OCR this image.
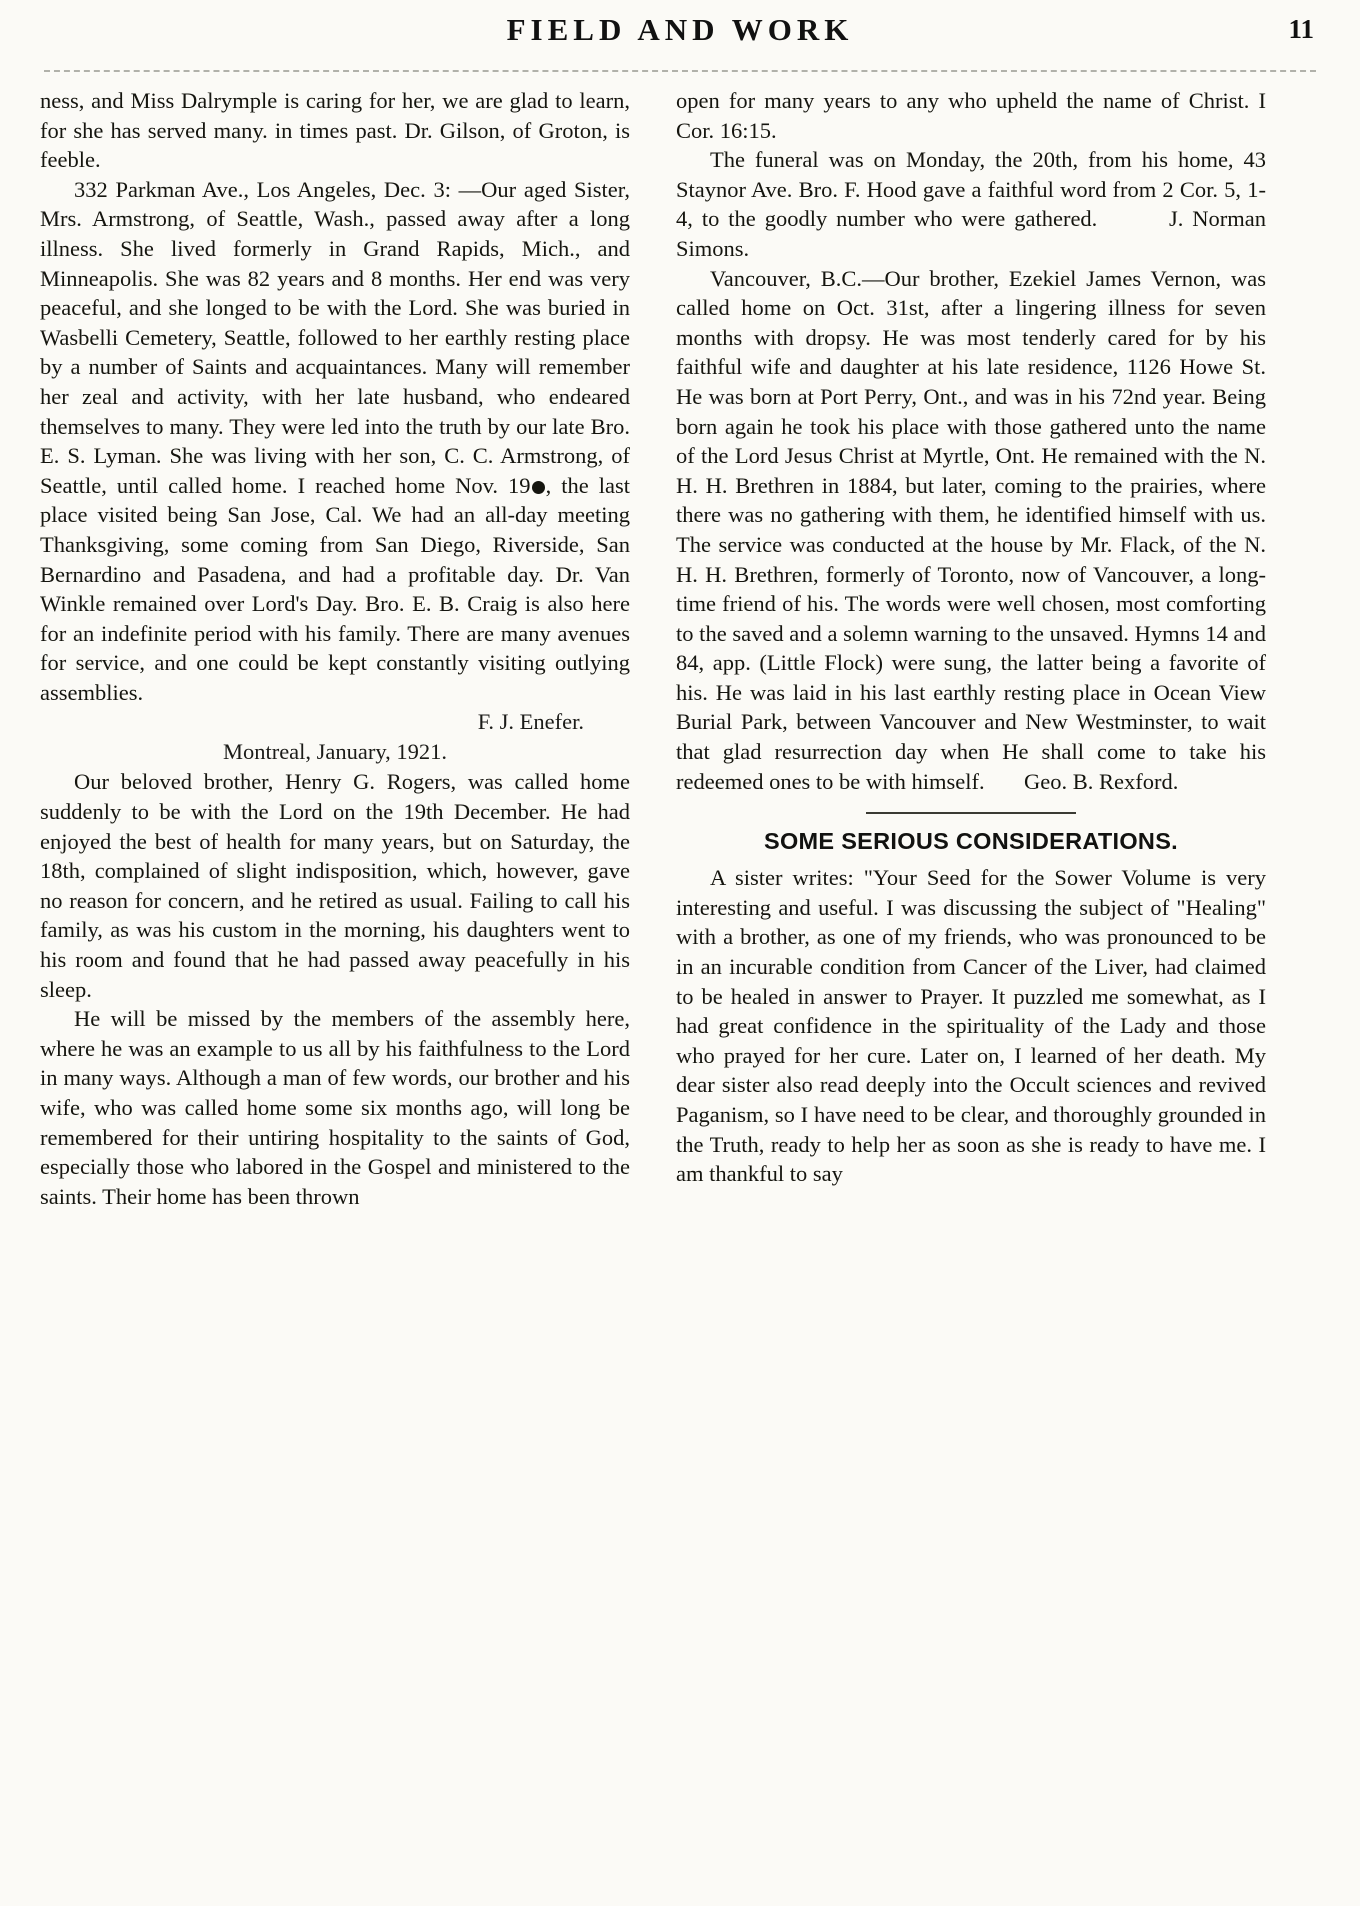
FIELD AND WORK	11

ness, and Miss Dalrymple is caring for her, we are glad to learn, for she has served many. in times past. Dr. Gilson, of Groton, is feeble.

332 Parkman Ave., Los Angeles, Dec. 3: —Our aged Sister, Mrs. Armstrong, of Seattle, Wash., passed away after a long illness. She lived formerly in Grand Rapids, Mich., and Minneapolis. She was 82 years and 8 months. Her end was very peaceful, and she longed to be with the Lord. She was buried in Wasbelli Cemetery, Seattle, followed to her earthly resting place by a number of Saints and acquaintances. Many will remember her zeal and activity, with her late husband, who endeared themselves to many. They were led into the truth by our late Bro. E. S. Lyman. She was living with her son, C. C. Armstrong, of Seattle, until called home. I reached home Nov. 19 , the last place visited being San Jose, Cal. We had an all-day meeting Thanksgiving, some coming from San Diego, Riverside, San Bernardino and Pasadena, and had a profitable day. Dr. Van Winkle remained over Lord's Day. Bro. E. B. Craig is also here for an indefinite period with his family. There are many avenues for service, and one could be kept constantly visiting outlying assemblies.

F. J. Enefer.
Montreal, January, 1921.

Our beloved brother, Henry G. Rogers, was called home suddenly to be with the Lord on the 19th December. He had enjoyed the best of health for many years, but on Saturday, the 18th, complained of slight indisposition, which, however, gave no reason for concern, and he retired as usual. Failing to call his family, as was his custom in the morning, his daughters went to his room and found that he had passed away peacefully in his sleep.

He will be missed by the members of the assembly here, where he was an example to us all by his faithfulness to the Lord in many ways. Although a man of few words, our brother and his wife, who was called home some six months ago, will long be remembered for their untiring hospitality to the saints of God, especially those who labored in the Gospel and ministered to the saints. Their home has been thrown

open for many years to any who upheld the name of Christ. I Cor. 16:15.

The funeral was on Monday, the 20th, from his home, 43 Staynor Ave. Bro. F. Hood gave a faithful word from 2 Cor. 5, 1-4, to the goodly number who were gathered.	J. Norman Simons.

Vancouver, B.C.—Our brother, Ezekiel James Vernon, was called home on Oct. 31st, after a lingering illness for seven months with dropsy. He was most tenderly cared for by his faithful wife and daughter at his late residence, 1126 Howe St. He was born at Port Perry, Ont., and was in his 72nd year. Being born again he took his place with those gathered unto the name of the Lord Jesus Christ at Myrtle, Ont. He remained with the N. H. H. Brethren in 1884, but later, coming to the prairies, where there was no gathering with them, he identified himself with us. The service was conducted at the house by Mr. Flack, of the N. H. H. Brethren, formerly of Toronto, now of Vancouver, a long-time friend of his. The words were well chosen, most comforting to the saved and a solemn warning to the unsaved. Hymns 14 and 84, app. (Little Flock) were sung, the latter being a favorite of his. He was laid in his last earthly resting place in Ocean View Burial Park, between Vancouver and New Westminster, to wait that glad resurrection day when He shall come to take his redeemed ones to be with himself. Geo. B. Rexford.

SOME SERIOUS CONSIDERATIONS.

A sister writes: "Your Seed for the Sower Volume is very interesting and useful. I was discussing the subject of "Healing" with a brother, as one of my friends, who was pronounced to be in an incurable condition from Cancer of the Liver, had claimed to be healed in answer to Prayer. It puzzled me somewhat, as I had great confidence in the spirituality of the Lady and those who prayed for her cure. Later on, I learned of her death. My dear sister also read deeply into the Occult sciences and revived Paganism, so I have need to be clear, and thoroughly grounded in the Truth, ready to help her as soon as she is ready to have me. I am thankful to say
